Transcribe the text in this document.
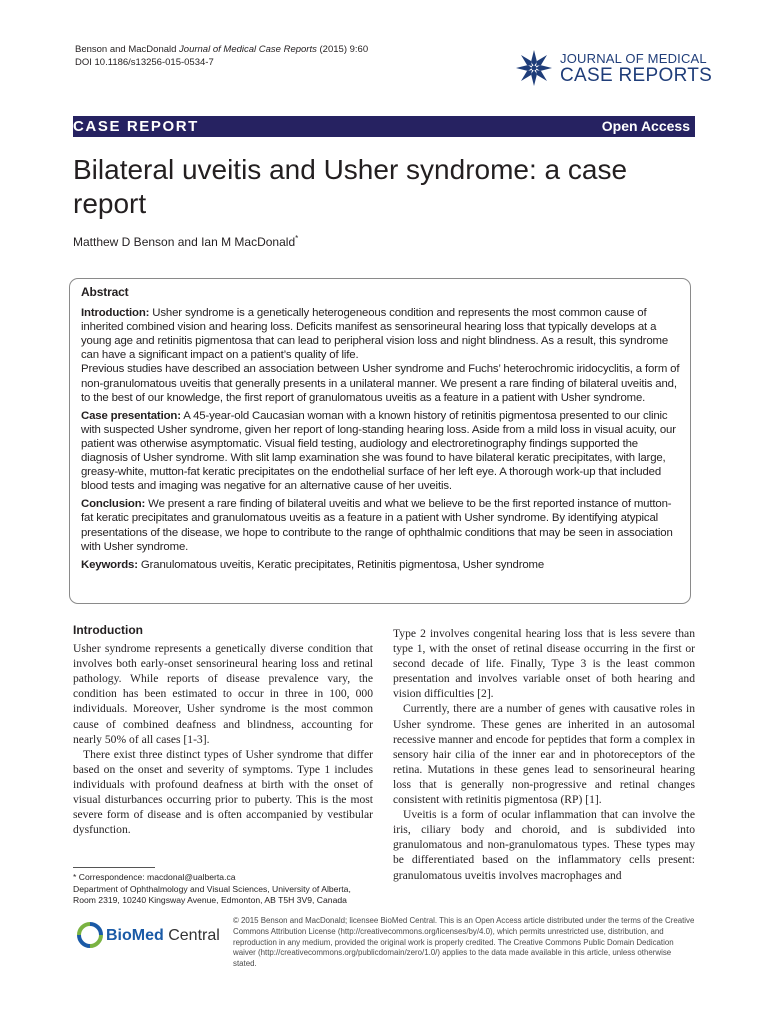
Benson and MacDonald Journal of Medical Case Reports (2015) 9:60
DOI 10.1186/s13256-015-0534-7	JOURNAL OF MEDICAL
CASE REPORTS
CASE REPORT	Open Access
Bilateral uveitis and Usher syndrome: a case report
Matthew D Benson and Ian M MacDonald*
Abstract

Introduction: Usher syndrome is a genetically heterogeneous condition and represents the most common cause of inherited combined vision and hearing loss. Deficits manifest as sensorineural hearing loss that typically develops at a young age and retinitis pigmentosa that can lead to peripheral vision loss and night blindness. As a result, this syndrome can have a significant impact on a patient’s quality of life.
Previous studies have described an association between Usher syndrome and Fuchs’ heterochromic iridocyclitis, a form of non-granulomatous uveitis that generally presents in a unilateral manner. We present a rare finding of bilateral uveitis and, to the best of our knowledge, the first report of granulomatous uveitis as a feature in a patient with Usher syndrome.

Case presentation: A 45-year-old Caucasian woman with a known history of retinitis pigmentosa presented to our clinic with suspected Usher syndrome, given her report of long-standing hearing loss. Aside from a mild loss in visual acuity, our patient was otherwise asymptomatic. Visual field testing, audiology and electroretinography findings supported the diagnosis of Usher syndrome. With slit lamp examination she was found to have bilateral keratic precipitates, with large, greasy-white, mutton-fat keratic precipitates on the endothelial surface of her left eye. A thorough work-up that included blood tests and imaging was negative for an alternative cause of her uveitis.

Conclusion: We present a rare finding of bilateral uveitis and what we believe to be the first reported instance of mutton-fat keratic precipitates and granulomatous uveitis as a feature in a patient with Usher syndrome. By identifying atypical presentations of the disease, we hope to contribute to the range of ophthalmic conditions that may be seen in association with Usher syndrome.

Keywords: Granulomatous uveitis, Keratic precipitates, Retinitis pigmentosa, Usher syndrome

Introduction

Usher syndrome represents a genetically diverse condition that involves both early-onset sensorineural hearing loss and retinal pathology. While reports of disease prevalence vary, the condition has been estimated to occur in three in 100, 000 individuals. Moreover, Usher syndrome is the most common cause of combined deafness and blindness, accounting for nearly 50% of all cases [1-3].

There exist three distinct types of Usher syndrome that differ based on the onset and severity of symptoms. Type 1 includes individuals with profound deafness at birth with the onset of visual disturbances occurring prior to puberty. This is the most severe form of disease and is often accompanied by vestibular dysfunction.

Type 2 involves congenital hearing loss that is less severe than type 1, with the onset of retinal disease occurring in the first or second decade of life. Finally, Type 3 is the least common presentation and involves variable onset of both hearing and vision difficulties [2].

Currently, there are a number of genes with causative roles in Usher syndrome. These genes are inherited in an autosomal recessive manner and encode for peptides that form a complex in sensory hair cilia of the inner ear and in photoreceptors of the retina. Mutations in these genes lead to sensorineural hearing loss that is generally non-progressive and retinal changes consistent with retinitis pigmentosa (RP) [1].

Uveitis is a form of ocular inflammation that can involve the iris, ciliary body and choroid, and is subdivided into granulomatous and non-granulomatous types. These types may be differentiated based on the inflammatory cells present: granulomatous uveitis involves macrophages and

* Correspondence: macdonal@ualberta.ca
Department of Ophthalmology and Visual Sciences, University of Alberta, Room 2319, 10240 Kingsway Avenue, Edmonton, AB T5H 3V9, Canada
BioMed Central
© 2015 Benson and MacDonald; licensee BioMed Central. This is an Open Access article distributed under the terms of the Creative Commons Attribution License (http://creativecommons.org/licenses/by/4.0), which permits unrestricted use, distribution, and reproduction in any medium, provided the original work is properly credited. The Creative Commons Public Domain Dedication waiver (http://creativecommons.org/publicdomain/zero/1.0/) applies to the data made available in this article, unless otherwise stated.
